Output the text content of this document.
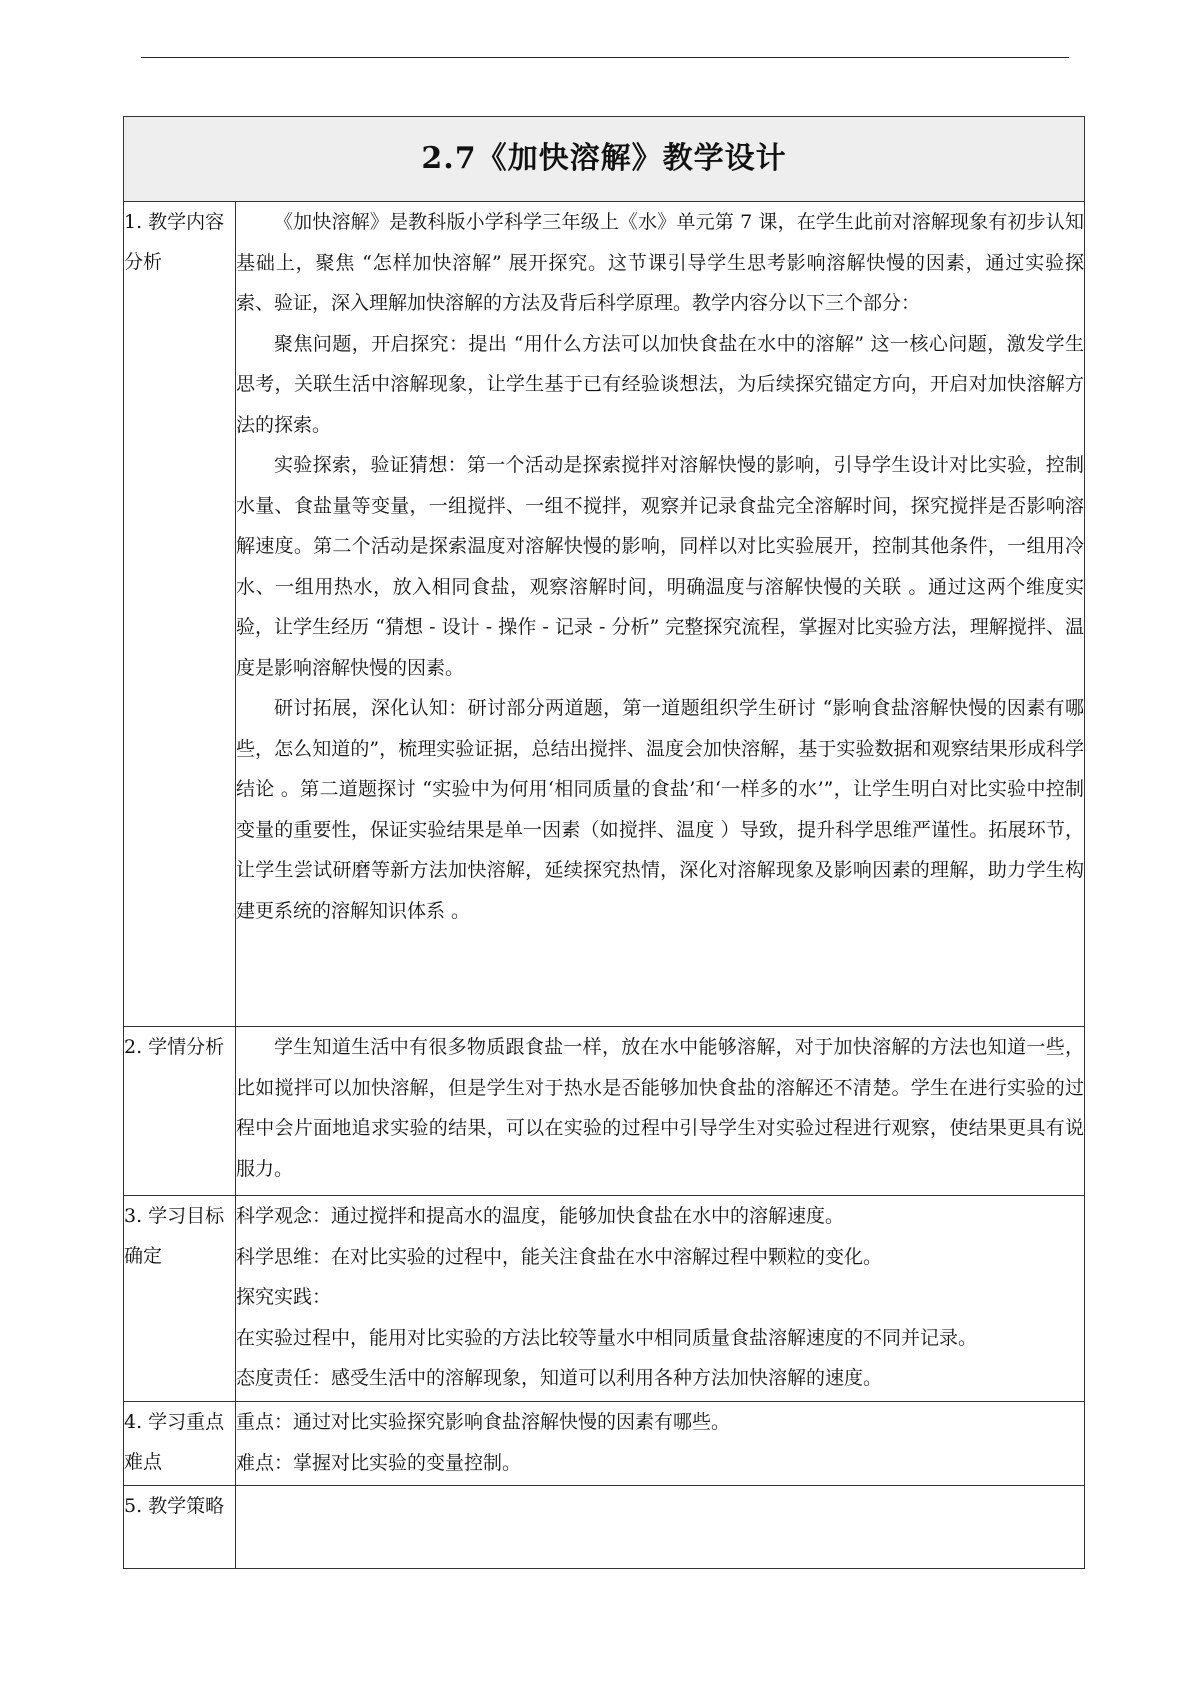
2.7《加快溶解》教学设计	

1. 教学内容分析	《加快溶解》是教科版小学科学三年级上《水》单元第 7 课，在学生此前对溶解现象有初步认知基础上，聚焦 “怎样加快溶解” 展开探究。这节课引导学生思考影响溶解快慢的因素，通过实验探索、验证，深入理解加快溶解的方法及背后科学原理。教学内容分以下三个部分：

聚焦问题，开启探究：提出 “用什么方法可以加快食盐在水中的溶解” 这一核心问题，激发学生思考，关联生活中溶解现象，让学生基于已有经验谈想法，为后续探究锚定方向，开启对加快溶解方法的探索。

实验探索，验证猜想：第一个活动是探索搅拌对溶解快慢的影响，引导学生设计对比实验，控制水量、食盐量等变量，一组搅拌、一组不搅拌，观察并记录食盐完全溶解时间，探究搅拌是否影响溶解速度。第二个活动是探索温度对溶解快慢的影响，同样以对比实验展开，控制其他条件，一组用冷水、一组用热水，放入相同食盐，观察溶解时间，明确温度与溶解快慢的关联 。通过这两个维度实验，让学生经历 “猜想 - 设计 - 操作 - 记录 - 分析” 完整探究流程，掌握对比实验方法，理解搅拌、温度是影响溶解快慢的因素。

研讨拓展，深化认知：研讨部分两道题，第一道题组织学生研讨 “影响食盐溶解快慢的因素有哪些，怎么知道的”，梳理实验证据，总结出搅拌、温度会加快溶解，基于实验数据和观察结果形成科学结论 。第二道题探讨 “实验中为何用‘相同质量的食盐’和‘一样多的水’”，让学生明白对比实验中控制变量的重要性，保证实验结果是单一因素（如搅拌、温度 ）导致，提升科学思维严谨性。拓展环节，让学生尝试研磨等新方法加快溶解，延续探究热情，深化对溶解现象及影响因素的理解，助力学生构建更系统的溶解知识体系 。

2. 学情分析	学生知道生活中有很多物质跟食盐一样，放在水中能够溶解，对于加快溶解的方法也知道一些，比如搅拌可以加快溶解，但是学生对于热水是否能够加快食盐的溶解还不清楚。学生在进行实验的过程中会片面地追求实验的结果，可以在实验的过程中引导学生对实验过程进行观察，使结果更具有说服力。

3. 学习目标确定	科学观念：通过搅拌和提高水的温度，能够加快食盐在水中的溶解速度。

科学思维：在对比实验的过程中，能关注食盐在水中溶解过程中颗粒的变化。

探究实践：

在实验过程中，能用对比实验的方法比较等量水中相同质量食盐溶解速度的不同并记录。

态度责任：感受生活中的溶解现象，知道可以利用各种方法加快溶解的速度。

4. 学习重点难点	重点：通过对比实验探究影响食盐溶解快慢的因素有哪些。

难点：掌握对比实验的变量控制。

5. 教学策略	
